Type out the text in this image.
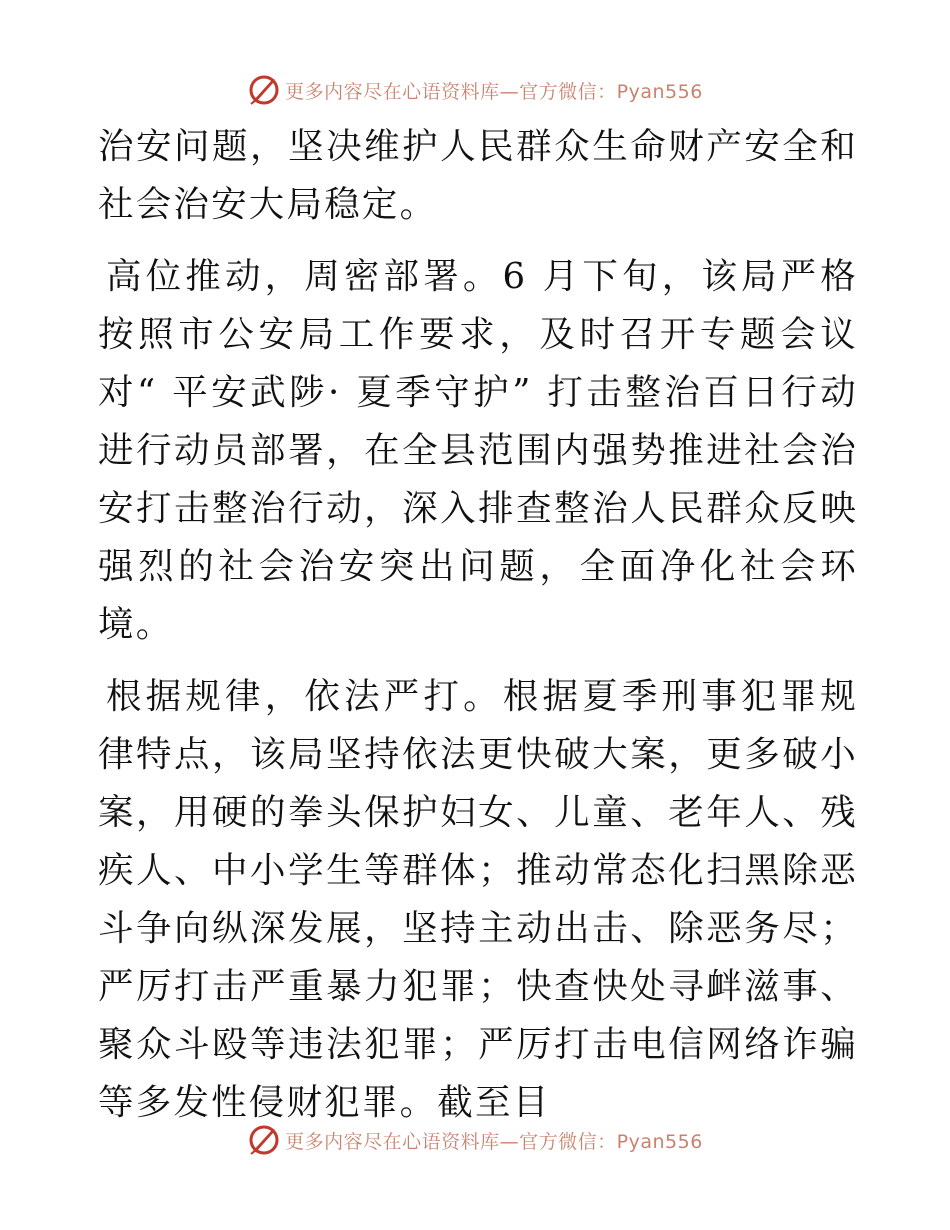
更多内容尽在心语资料库—官方微信：Pyan556

治安问题，坚决维护人民群众生命财产安全和社会治安大局稳定。

高位推动，周密部署。6 月下旬，该局严格按照市公安局工作要求，及时召开专题会议对“ 平安武陟· 夏季守护” 打击整治百日行动进行动员部署，在全县范围内强势推进社会治安打击整治行动，深入排查整治人民群众反映强烈的社会治安突出问题，全面净化社会环境。

根据规律，依法严打。根据夏季刑事犯罪规律特点，该局坚持依法更快破大案，更多破小案，用硬的拳头保护妇女、儿童、老年人、残疾人、中小学生等群体；推动常态化扫黑除恶斗争向纵深发展，坚持主动出击、除恶务尽；严厉打击严重暴力犯罪；快查快处寻衅滋事、聚众斗殴等违法犯罪；严厉打击电信网络诈骗等多发性侵财犯罪。截至目

更多内容尽在心语资料库—官方微信：Pyan556
